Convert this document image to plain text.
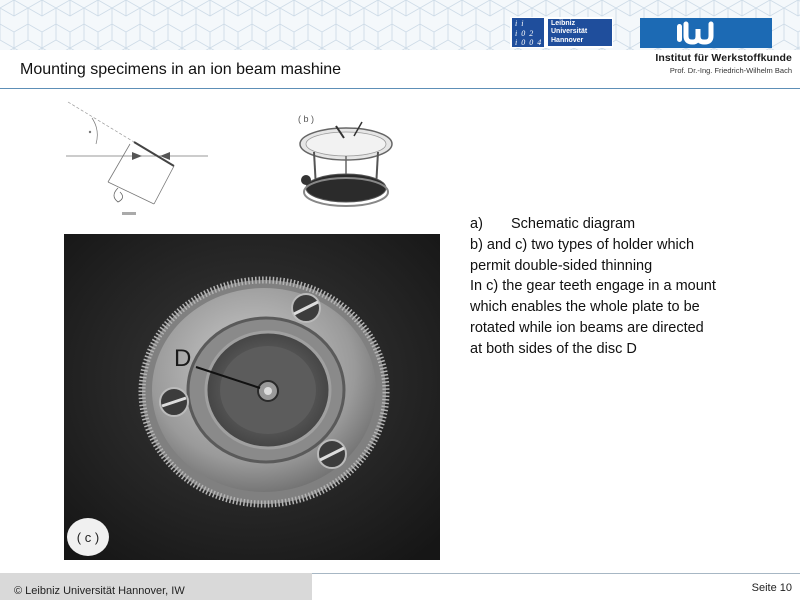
i i
i 0 2
i 0 0 4
Leibniz
Universität
Hannover
Institut für Werkstoffkunde
Prof. Dr.-Ing. Friedrich-Wilhelm Bach
Mounting specimens in an ion beam mashine
( b )
D
( c )
a)	Schematic diagram
b) and c) two types of holder which
permit double-sided thinning
In c) the gear teeth engage in a mount
which enables the whole plate to be
rotated while ion beams are directed
at both sides of the disc D
© Leibniz Universität Hannover, IW	Seite 10
